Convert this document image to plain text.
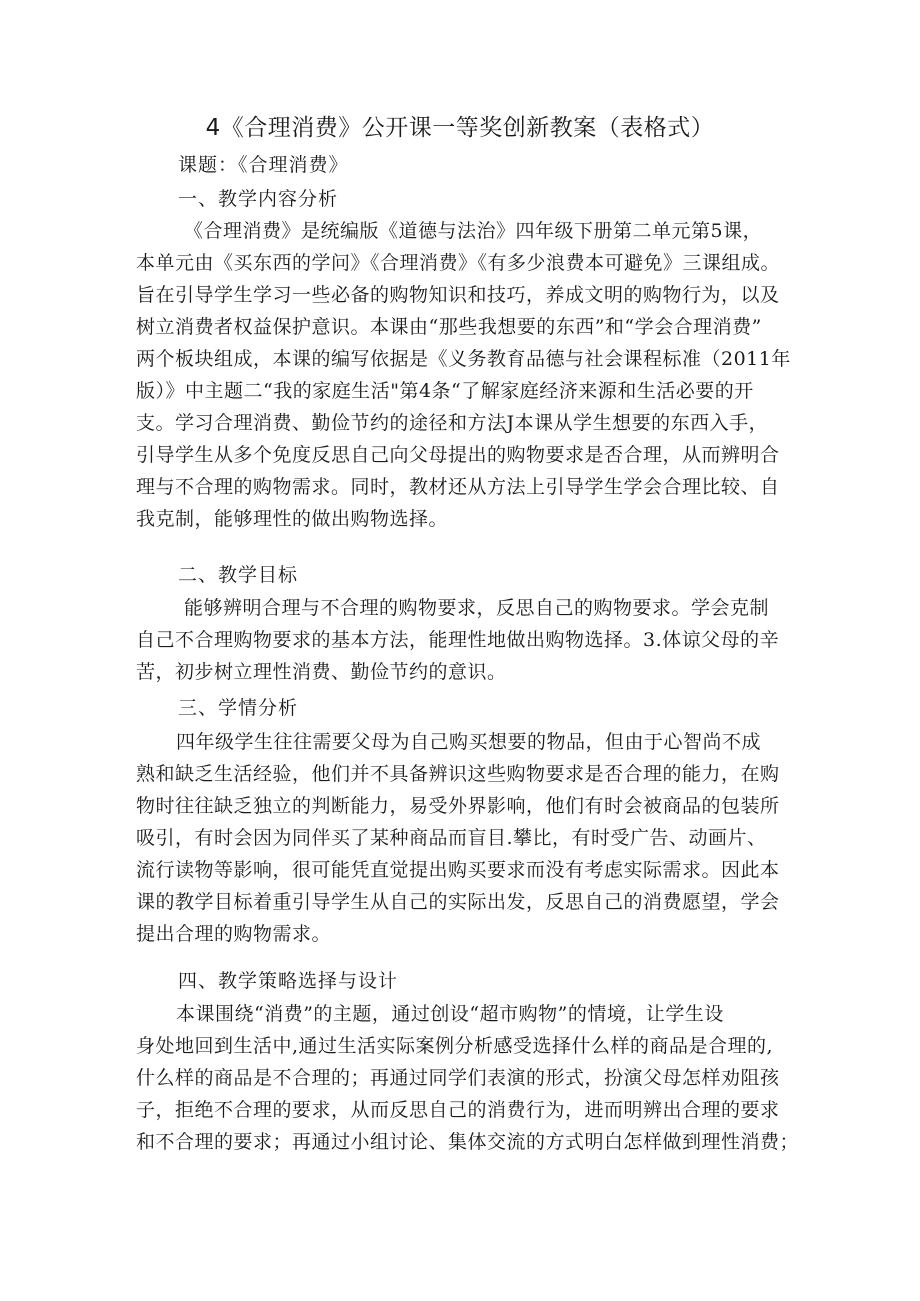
4《合理消费》公开课一等奖创新教案（表格式）
课题：《合理消费》
一、教学内容分析
《合理消费》是统编版《道德与法治》四年级下册第二单元第5课，
本单元由《买东西的学问》《合理消费》《有多少浪费本可避免》三课组成。
旨在引导学生学习一些必备的购物知识和技巧，养成文明的购物行为，以及
树立消费者权益保护意识。本课由“那些我想要的东西”和“学会合理消费”
两个板块组成，本课的编写依据是《义务教育品德与社会课程标准（2011年
版）》中主题二“我的家庭生活"第4条“了解家庭经济来源和生活必要的开
支。学习合理消费、勤俭节约的途径和方法J本课从学生想要的东西入手，
引导学生从多个免度反思自己向父母提出的购物要求是否合理，从而辨明合
理与不合理的购物需求。同时，教材还从方法上引导学生学会合理比较、自
我克制，能够理性的做出购物选择。
二、教学目标
能够辨明合理与不合理的购物要求，反思自己的购物要求。学会克制
自己不合理购物要求的基本方法，能理性地做出购物选择。3.体谅父母的辛
苦，初步树立理性消费、勤俭节约的意识。
三、学情分析
四年级学生往往需要父母为自己购买想要的物品，但由于心智尚不成
熟和缺乏生活经验，他们并不具备辨识这些购物要求是否合理的能力，在购
物时往往缺乏独立的判断能力，易受外界影响，他们有时会被商品的包装所
吸引，有时会因为同伴买了某种商品而盲目.攀比，有时受广告、动画片、
流行读物等影响，很可能凭直觉提出购买要求而没有考虑实际需求。因此本
课的教学目标着重引导学生从自己的实际出发，反思自己的消费愿望，学会
提出合理的购物需求。
四、教学策略选择与设计
本课围绕“消费”的主题，通过创设“超市购物”的情境，让学生设
身处地回到生活中,通过生活实际案例分析感受选择什么样的商品是合理的,
什么样的商品是不合理的；再通过同学们表演的形式，扮演父母怎样劝阻孩
子，拒绝不合理的要求，从而反思自己的消费行为，进而明辨出合理的要求
和不合理的要求；再通过小组讨论、集体交流的方式明白怎样做到理性消费；
